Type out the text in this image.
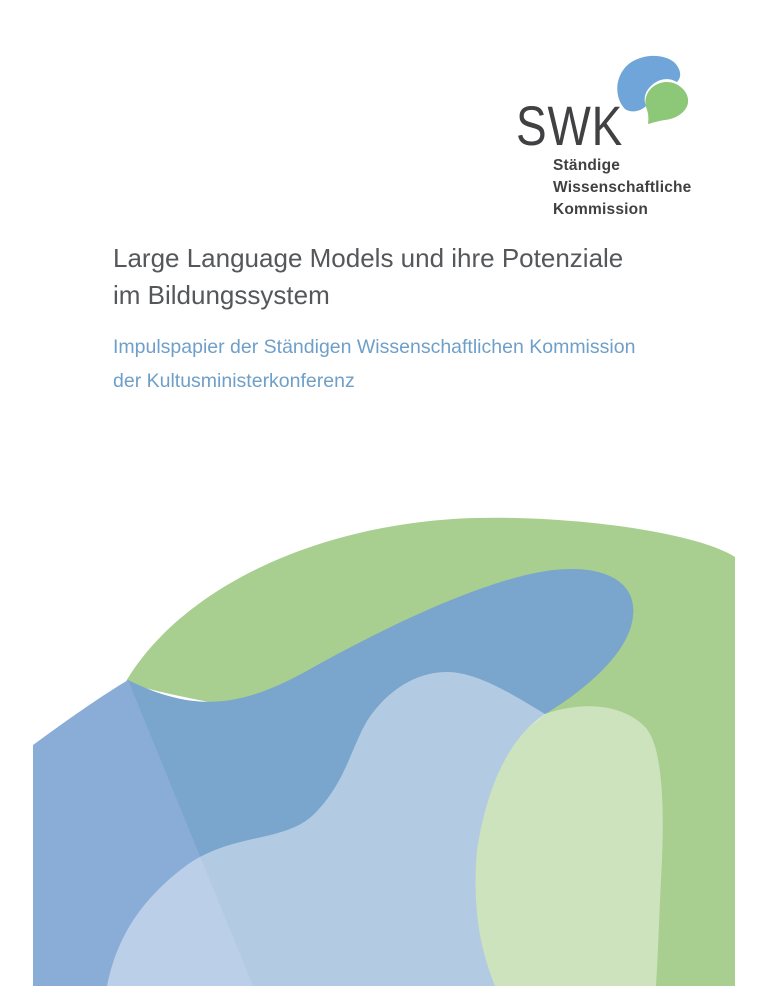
SWK
Ständige
Wissenschaftliche
Kommission
Large Language Models und ihre Potenziale
im Bildungssystem
Impulspapier der Ständigen Wissenschaftlichen Kommission
der Kultusministerkonferenz
